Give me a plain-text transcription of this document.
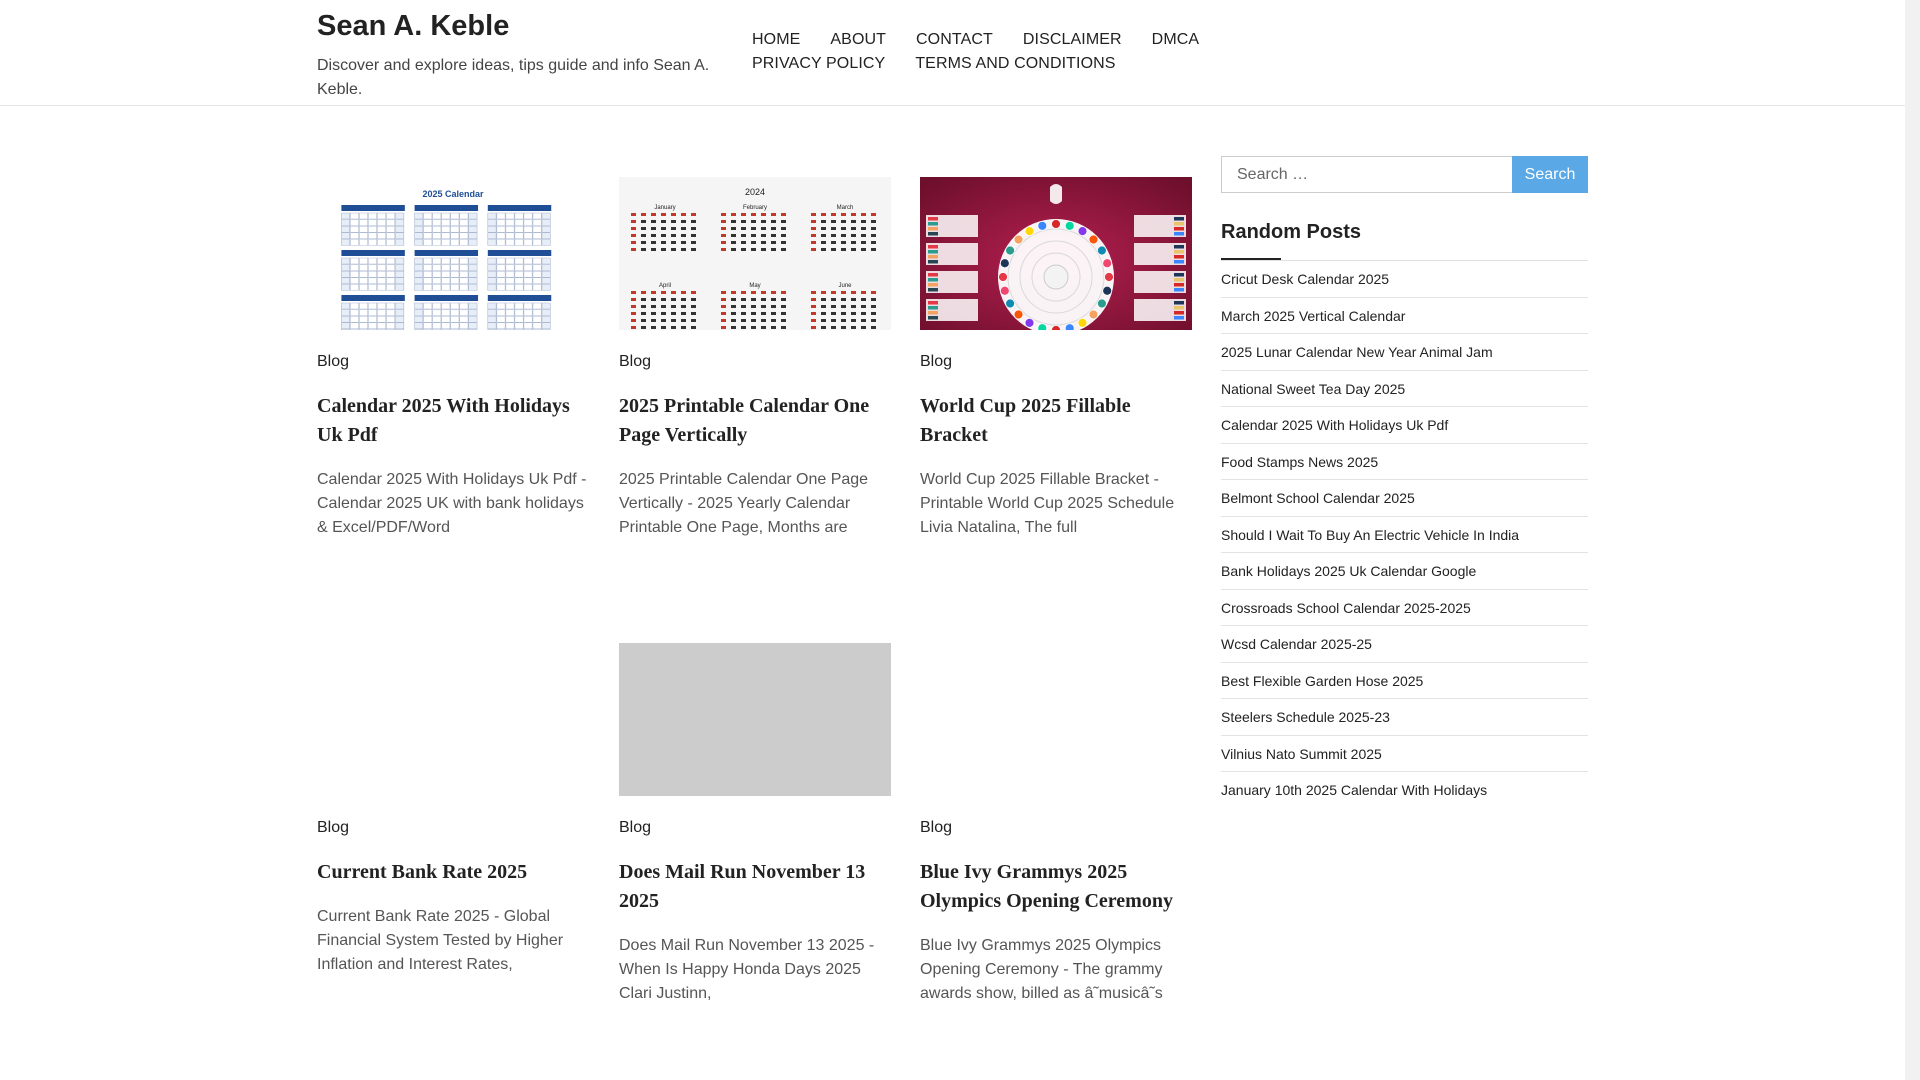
Sean A. Keble

Discover and explore ideas, tips guide and info Sean A. Keble.

HOME ABOUT CONTACT DISCLAIMER DMCA
PRIVACY POLICY TERMS AND CONDITIONS
2025 Calendar
Blog
Calendar 2025 With Holidays Uk Pdf

Calendar 2025 With Holidays Uk Pdf - Calendar 2025 UK with bank holidays & Excel/PDF/Word

2024
January	February	March
April	May	June
Blog
2025 Printable Calendar One Page Vertically

2025 Printable Calendar One Page Vertically - 2025 Yearly Calendar Printable One Page, Months are

Blog
World Cup 2025 Fillable Bracket

World Cup 2025 Fillable Bracket - Printable World Cup 2025 Schedule Livia Natalina, The full

Blog
Current Bank Rate 2025

Current Bank Rate 2025 - Global Financial System Tested by Higher Inflation and Interest Rates,

Blog
Does Mail Run November 13 2025

Does Mail Run November 13 2025 - When Is Happy Honda Days 2025 Clari Justinn,

Blog
Blue Ivy Grammys 2025 Olympics Opening Ceremony

Blue Ivy Grammys 2025 Olympics Opening Ceremony - The grammy awards show, billed as â˜musicâ˜s

Search …
Search
Random Posts
Cricut Desk Calendar 2025
March 2025 Vertical Calendar
2025 Lunar Calendar New Year Animal Jam
National Sweet Tea Day 2025
Calendar 2025 With Holidays Uk Pdf
Food Stamps News 2025
Belmont School Calendar 2025
Should I Wait To Buy An Electric Vehicle In India
Bank Holidays 2025 Uk Calendar Google
Crossroads School Calendar 2025-2025
Wcsd Calendar 2025-25
Best Flexible Garden Hose 2025
Steelers Schedule 2025-23
Vilnius Nato Summit 2025
January 10th 2025 Calendar With Holidays
